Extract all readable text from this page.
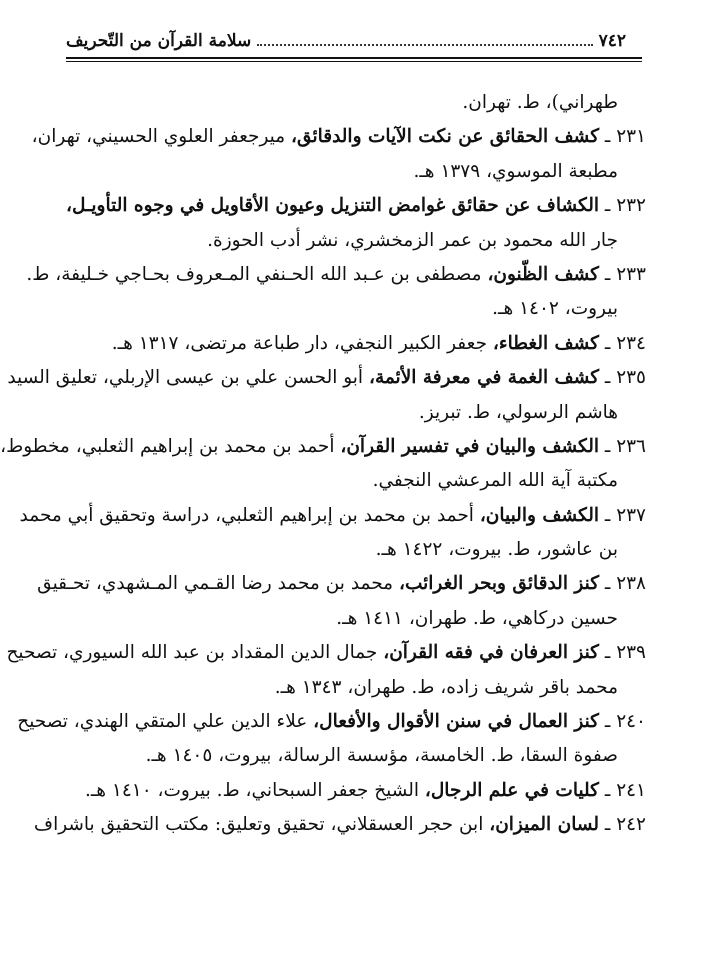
٧٤٢
سلامة القرآن من التّحريف
طهراني)، ط. تهران.
٢٣١ ـ كشف الحقائق عن نكت الآيات والدقائق، ميرجعفر العلوي الحسيني، تهران،
مطبعة الموسوي، ١٣٧٩ هـ.
٢٣٢ ـ الكشاف عن حقائق غوامض التنزيل وعيون الأقاويل في وجوه التأويـل،
جار الله محمود بن عمر الزمخشري، نشر أدب الحوزة.
٢٣٣ ـ كشف الظّنون، مصطفى بن عـبد الله الحـنفي المـعروف بحـاجي خـليفة، ط.
بيروت، ١٤٠٢ هـ.
٢٣٤ ـ كشف الغطاء، جعفر الكبير النجفي، دار طباعة مرتضى، ١٣١٧ هـ.
٢٣٥ ـ كشف الغمة في معرفة الأئمة، أبو الحسن علي بن عيسى الإربلي، تعليق السيد
هاشم الرسولي، ط. تبريز.
٢٣٦ ـ الكشف والبيان في تفسير القرآن، أحمد بن محمد بن إبراهيم الثعلبي، مخطوط،
مكتبة آية الله المرعشي النجفي.
٢٣٧ ـ الكشف والبيان، أحمد بن محمد بن إبراهيم الثعلبي، دراسة وتحقيق أبي محمد
بن عاشور، ط. بيروت، ١٤٢٢ هـ.
٢٣٨ ـ كنز الدقائق وبحر الغرائب، محمد بن محمد رضا القـمي المـشهدي، تحـقيق
حسين دركاهي، ط. طهران، ١٤١١ هـ.
٢٣٩ ـ كنز العرفان في فقه القرآن، جمال الدين المقداد بن عبد الله السيوري، تصحيح
محمد باقر شريف زاده، ط. طهران، ١٣٤٣ هـ.
٢٤٠ ـ كنز العمال في سنن الأقوال والأفعال، علاء الدين علي المتقي الهندي، تصحيح
صفوة السقا، ط. الخامسة، مؤسسة الرسالة، بيروت، ١٤٠٥ هـ.
٢٤١ ـ كليات في علم الرجال، الشيخ جعفر السبحاني، ط. بيروت، ١٤١٠ هـ.
٢٤٢ ـ لسان الميزان، ابن حجر العسقلاني، تحقيق وتعليق: مكتب التحقيق باشراف
